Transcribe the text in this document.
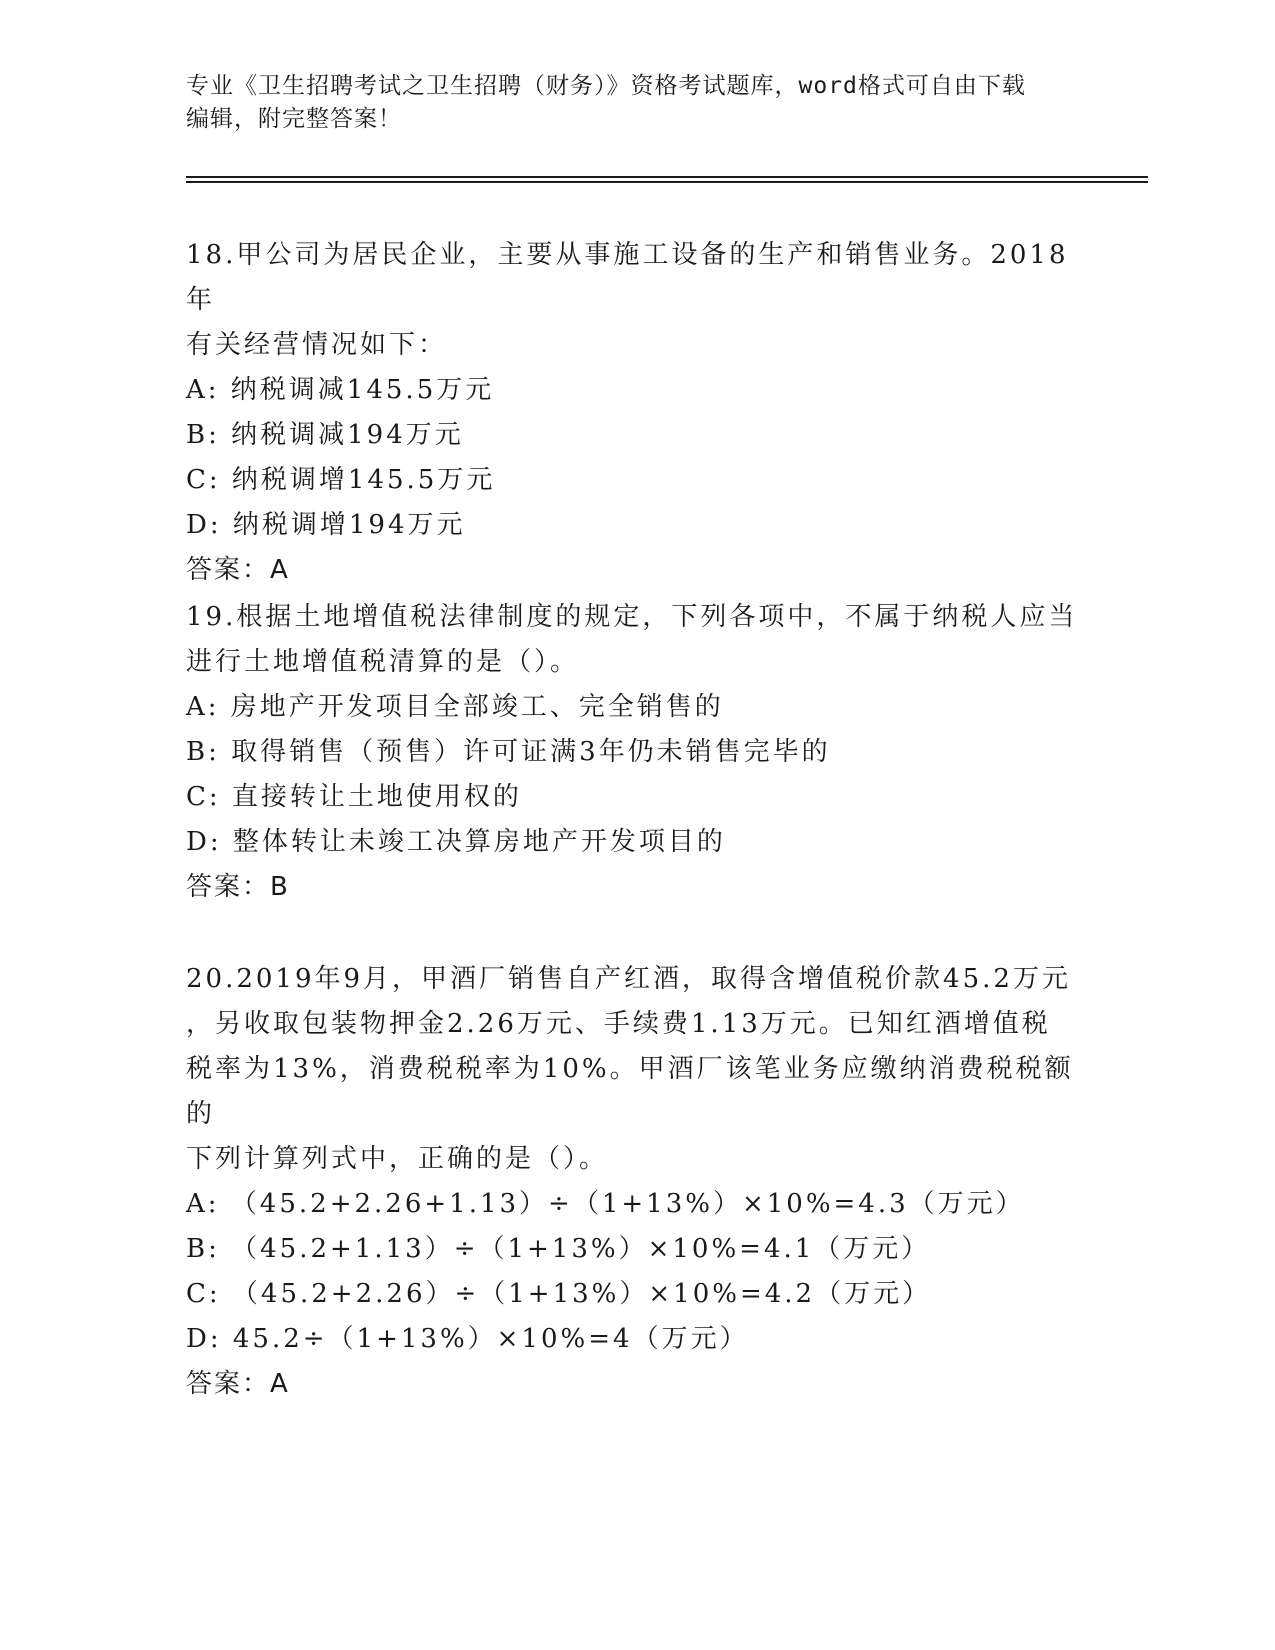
专业《卫生招聘考试之卫生招聘（财务）》资格考试题库，word格式可自由下载
编辑，附完整答案！

18.甲公司为居民企业，主要从事施工设备的生产和销售业务。2018年

有关经营情况如下：

A: 纳税调减145.5万元

B: 纳税调减194万元

C: 纳税调增145.5万元

D: 纳税调增194万元

答案：A

19.根据土地增值税法律制度的规定，下列各项中，不属于纳税人应当

进行土地增值税清算的是（）。

A: 房地产开发项目全部竣工、完全销售的

B: 取得销售（预售）许可证满3年仍未销售完毕的

C: 直接转让土地使用权的

D: 整体转让未竣工决算房地产开发项目的

答案：B

20.2019年9月，甲酒厂销售自产红酒，取得含增值税价款45.2万元

，另收取包装物押金2.26万元、手续费1.13万元。已知红酒增值税

税率为13%，消费税税率为10%。甲酒厂该笔业务应缴纳消费税税额的

下列计算列式中，正确的是（）。

A: （45.2+2.26+1.13）÷（1+13%）×10%=4.3（万元）

B: （45.2+1.13）÷（1+13%）×10%=4.1（万元）

C: （45.2+2.26）÷（1+13%）×10%=4.2（万元）

D: 45.2÷（1+13%）×10%=4（万元）

答案：A
